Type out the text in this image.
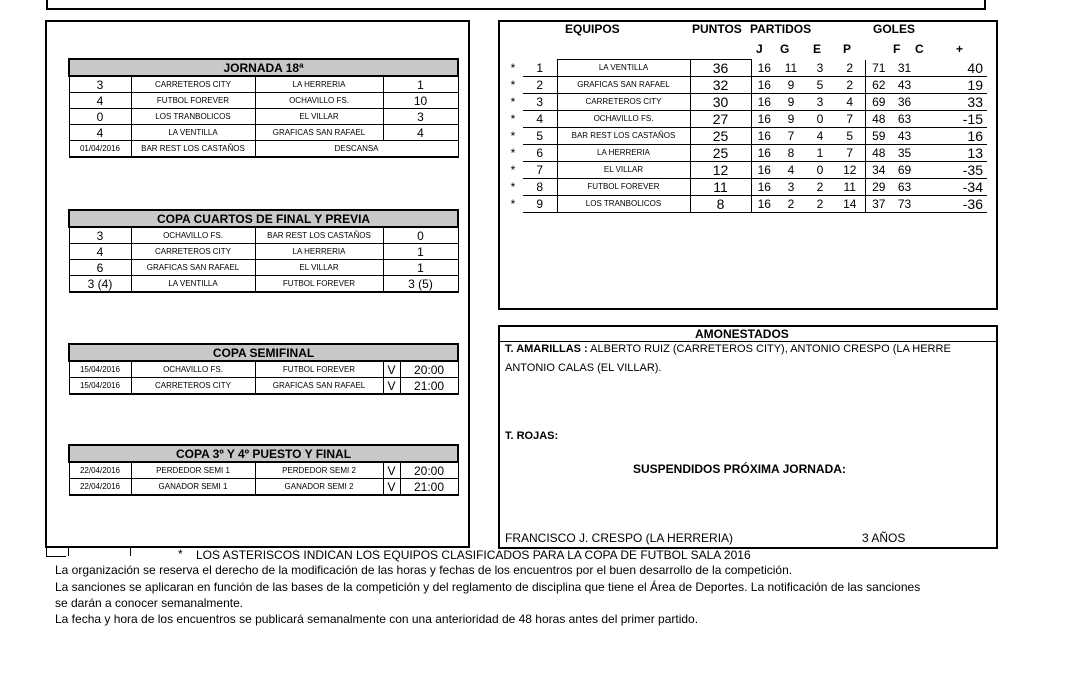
JORNADA 18ª			
3	CARRETEROS CITY	LA HERRERIA	1
4	FUTBOL FOREVER	OCHAVILLO FS.	10
0	LOS TRANBOLICOS	EL VILLAR	3
4	LA VENTILLA	GRAFICAS SAN RAFAEL	4
01/04/2016	BAR REST LOS CASTAÑOS	DESCANSA	
COPA CUARTOS DE FINAL Y PREVIA			
3	OCHAVILLO FS.	BAR REST LOS CASTAÑOS	0
4	CARRETEROS CITY	LA HERRERIA	1
6	GRAFICAS SAN RAFAEL	EL VILLAR	1
3 (4)	LA VENTILLA	FUTBOL FOREVER	3 (5)
COPA SEMIFINAL				
15/04/2016	OCHAVILLO FS.	FUTBOL FOREVER	V	20:00
15/04/2016	CARRETEROS CITY	GRAFICAS SAN RAFAEL	V	21:00
COPA 3º Y 4º PUESTO Y FINAL				
22/04/2016	PERDEDOR SEMI 1	PERDEDOR SEMI 2	V	20:00
22/04/2016	GANADOR SEMI 1	GANADOR SEMI 2	V	21:00
EQUIPOS	PUNTOS PARTIDOS	GOLES
J G E P	F C	+
*	1	LA VENTILLA	36	16	11	3	2	71	31		40
*	2	GRAFICAS SAN RAFAEL	32	16	9	5	2	62	43		19
*	3	CARRETEROS CITY	30	16	9	3	4	69	36		33
*	4	OCHAVILLO FS.	27	16	9	0	7	48	63		-15
*	5	BAR REST LOS CASTAÑOS	25	16	7	4	5	59	43		16
*	6	LA HERRERIA	25	16	8	1	7	48	35		13
*	7	EL VILLAR	12	16	4	0	12	34	69		-35
*	8	FUTBOL FOREVER	11	16	3	2	11	29	63		-34
*	9	LOS TRANBOLICOS	8	16	2	2	14	37	73		-36
AMONESTADOS
T. AMARILLAS : ALBERTO RUIZ (CARRETEROS CITY), ANTONIO CRESPO (LA HERRE
ANTONIO CALAS (EL VILLAR).
T. ROJAS:
SUSPENDIDOS PRÓXIMA JORNADA:
FRANCISCO J. CRESPO (LA HERRERIA)	3 AÑOS
* LOS ASTERISCOS INDICAN LOS EQUIPOS CLASIFICADOS PARA LA COPA DE FUTBOL SALA 2016
La organización se reserva el derecho de la modificación de las horas y fechas de los encuentros por el buen desarrollo de la competición.
La sanciones se aplicaran en función de las bases de la competición y del reglamento de disciplina que tiene el Área de Deportes. La notificación de las sanciones
se darán a conocer semanalmente.
La fecha y hora de los encuentros se publicará semanalmente con una anterioridad de 48 horas antes del primer partido.
